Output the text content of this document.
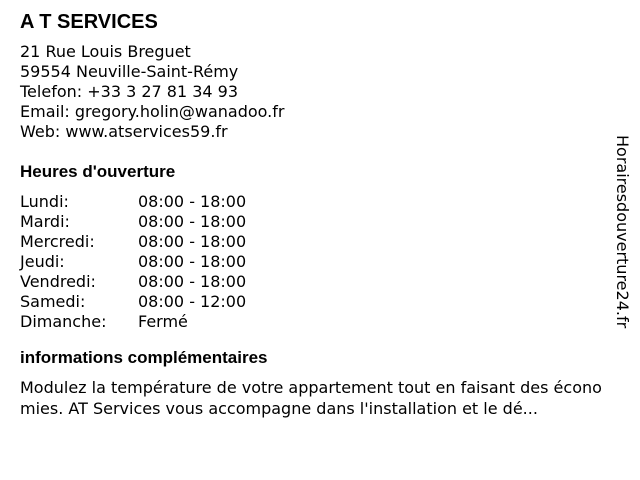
A T SERVICES
21 Rue Louis Breguet
59554 Neuville-Saint-Rémy
Telefon: +33 3 27 81 34 93
Email: gregory.holin@wanadoo.fr
Web: www.atservices59.fr
Heures d'ouverture
Lundi:	08:00 - 18:00
Mardi:	08:00 - 18:00
Mercredi:	08:00 - 18:00
Jeudi:	08:00 - 18:00
Vendredi:	08:00 - 18:00
Samedi:	08:00 - 12:00
Dimanche:	Fermé
informations complémentaires
Modulez la température de votre appartement tout en faisant des économies. AT Services vous accompagne dans l'installation et le dé...
Horairesdouverture24.fr
